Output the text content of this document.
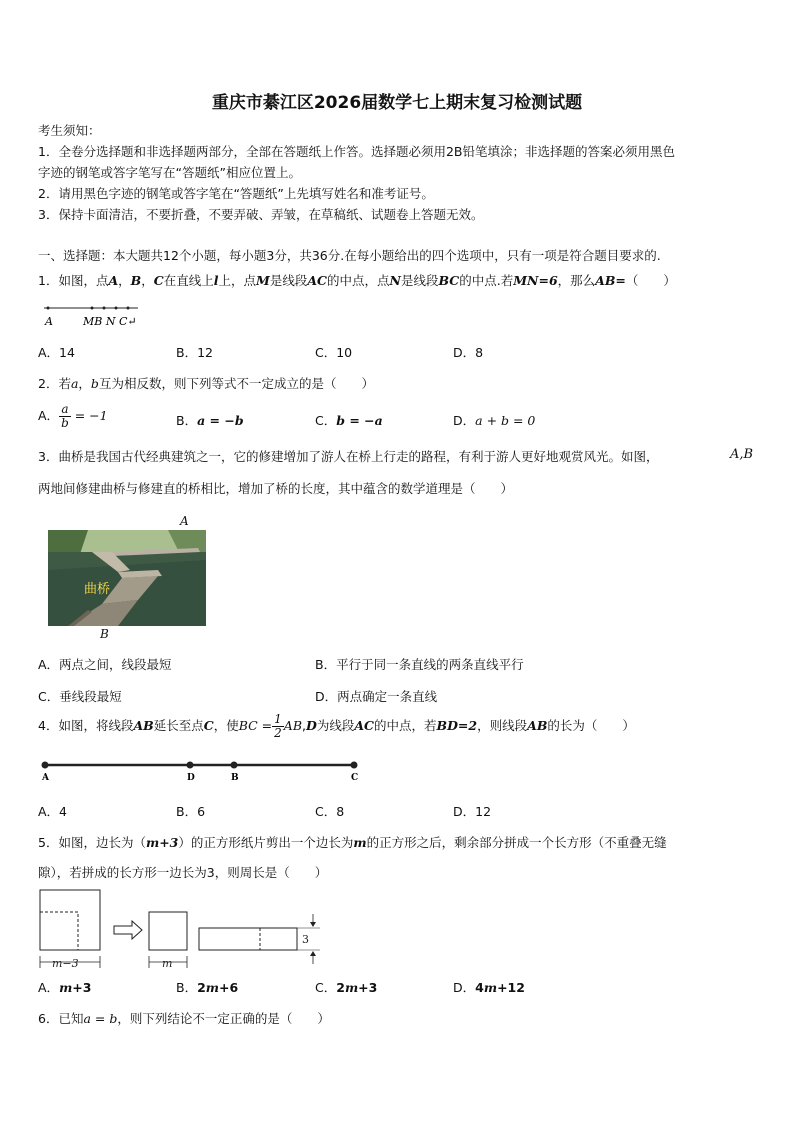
重庆市綦江区2026届数学七上期末复习检测试题
考生须知：
1．全卷分选择题和非选择题两部分，全部在答题纸上作答。选择题必须用2B铅笔填涂；非选择题的答案必须用黑色
字迹的钢笔或答字笔写在“答题纸”相应位置上。
2．请用黑色字迹的钢笔或答字笔在“答题纸”上先填写姓名和准考证号。
3．保持卡面清洁，不要折叠，不要弄破、弄皱，在草稿纸、试题卷上答题无效。
一、选择题：本大题共12个小题，每小题3分，共36分.在每小题给出的四个选项中，只有一项是符合题目要求的.
1．如图，点A，B，C在直线上l上，点M是线段AC的中点，点N是线段BC的中点.若MN=6，那么AB=（　　）
A	MB N C↵
A．14	B．12	C．10	D．8
2．若a，b互为相反数，则下列等式不一定成立的是（　　）
A． $\frac{a}{b} = -1$	B．a = −b	C．b = −a	D．a + b = 0
3．曲桥是我国古代经典建筑之一，它的修建增加了游人在桥上行走的路程，有利于游人更好地观赏风光。如图，	A,B
两地间修建曲桥与修建直的桥相比，增加了桥的长度，其中蕴含的数学道理是（　　）
A
曲桥
B
A．两点之间，线段最短	B．平行于同一条直线的两条直线平行
C．垂线段最短	D．两点确定一条直线
4．如图，将线段AB延长至点C，使BC = $\frac{1}{2} AB,D$为线段AC的中点，若BD=2，则线段AB的长为（　　）
A	D	B	C
A．4	B．6	C．8	D．12
5．如图，边长为（m+3）的正方形纸片剪出一个边长为m的正方形之后，剩余部分拼成一个长方形（不重叠无缝
隙），若拼成的长方形一边长为3，则周长是（　　）
m−3	m
3
A．m+3	B．2m+6	C．2m+3	D．4m+12
6．已知a = b，则下列结论不一定正确的是（　　）
